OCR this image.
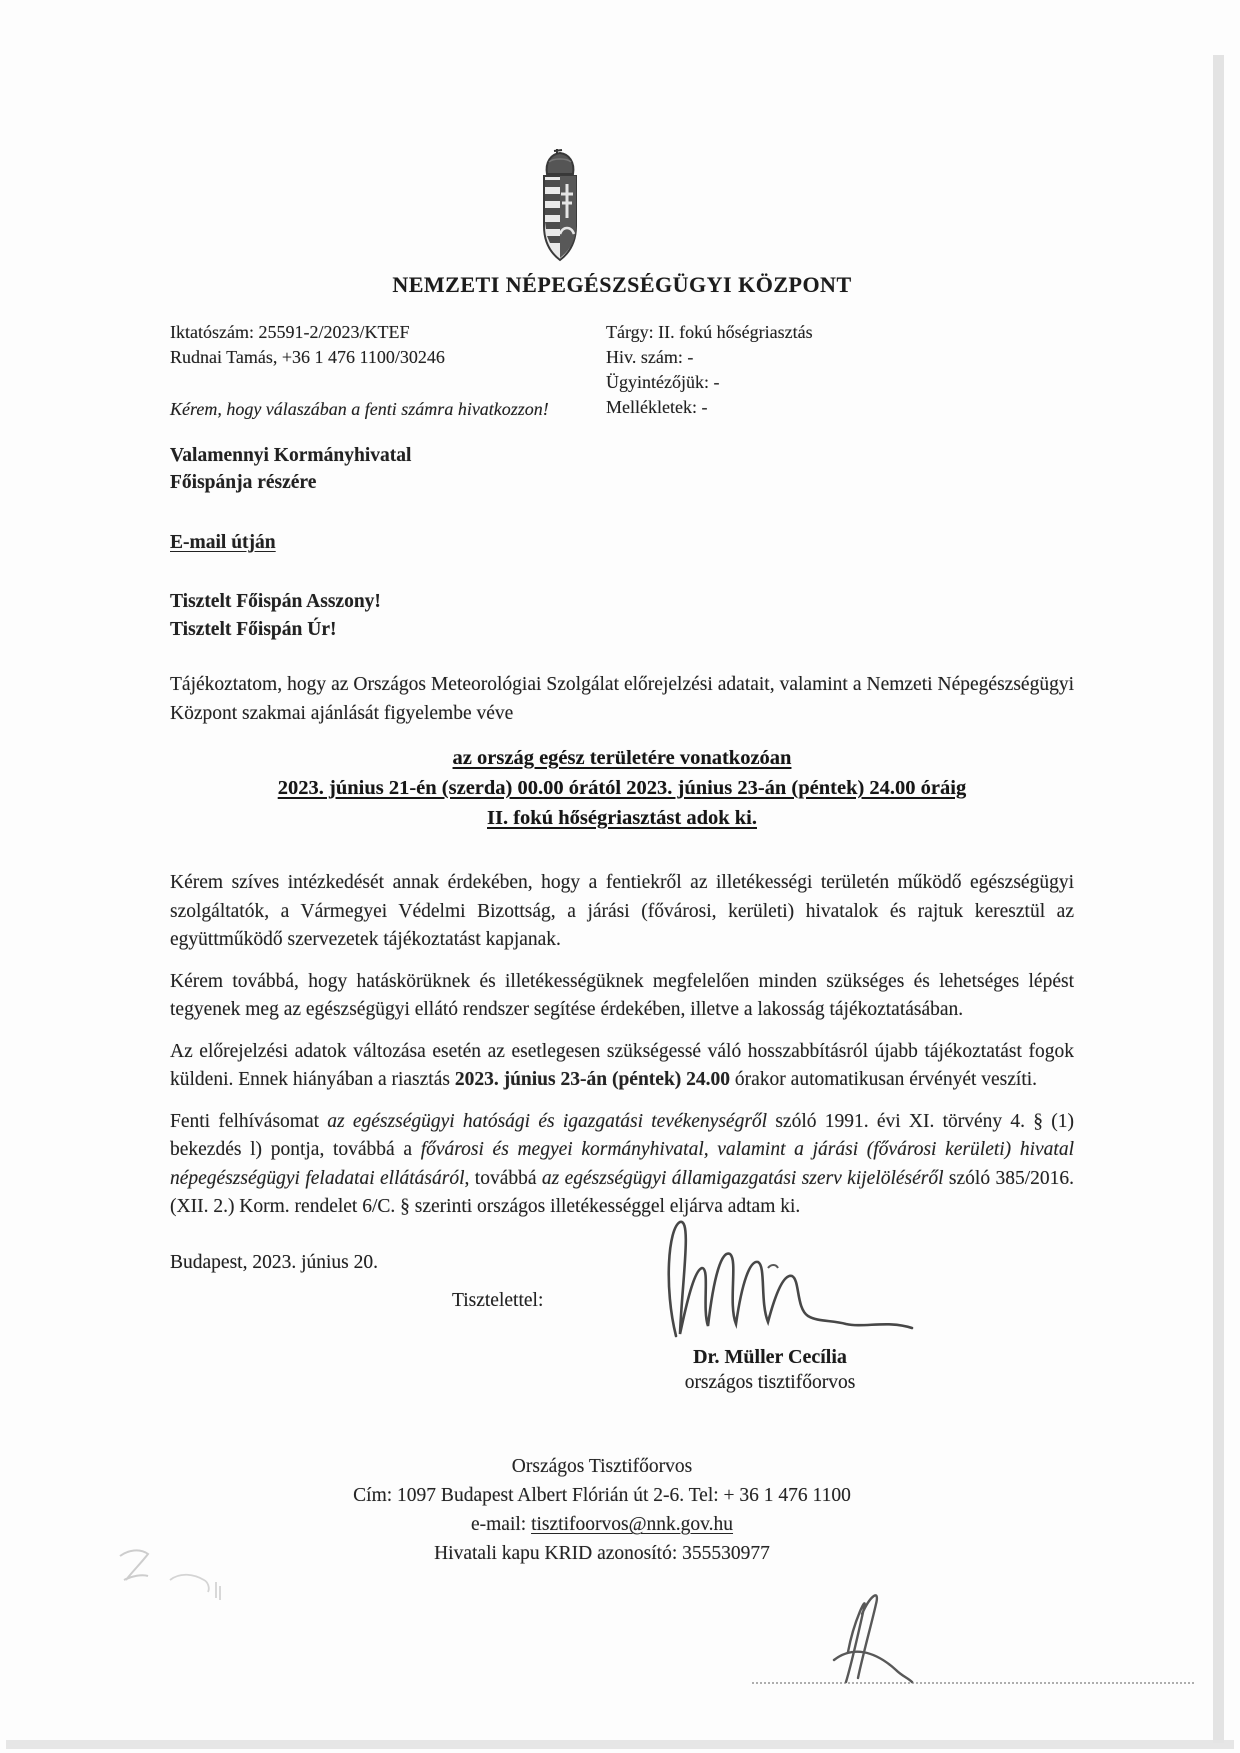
NEMZETI NÉPEGÉSZSÉGÜGYI KÖZPONT
Iktatószám: 25591-2/2023/KTEF
Rudnai Tamás, +36 1 476 1100/30246
Kérem, hogy válaszában a fenti számra hivatkozzon!
Tárgy: II. fokú hőségriasztás
Hiv. szám: -
Ügyintézőjük: -
Mellékletek: -
Valamennyi Kormányhivatal
Főispánja részére
E-mail útján
Tisztelt Főispán Asszony!
Tisztelt Főispán Úr!
Tájékoztatom, hogy az Országos Meteorológiai Szolgálat előrejelzési adatait, valamint a Nemzeti Népegészségügyi Központ szakmai ajánlását figyelembe véve
az ország egész területére vonatkozóan
2023. június 21-én (szerda) 00.00 órától 2023. június 23-án (péntek) 24.00 óráig
II. fokú hőségriasztást adok ki.
Kérem szíves intézkedését annak érdekében, hogy a fentiekről az illetékességi területén működő egészségügyi szolgáltatók, a Vármegyei Védelmi Bizottság, a járási (fővárosi, kerületi) hivatalok és rajtuk keresztül az együttműködő szervezetek tájékoztatást kapjanak.
Kérem továbbá, hogy hatáskörüknek és illetékességüknek megfelelően minden szükséges és lehetséges lépést tegyenek meg az egészségügyi ellátó rendszer segítése érdekében, illetve a lakosság tájékoztatásában.
Az előrejelzési adatok változása esetén az esetlegesen szükségessé váló hosszabbításról újabb tájékoztatást fogok küldeni. Ennek hiányában a riasztás 2023. június 23-án (péntek) 24.00 órakor automatikusan érvényét veszíti.
Fenti felhívásomat az egészségügyi hatósági és igazgatási tevékenységről szóló 1991. évi XI. törvény 4. § (1) bekezdés l) pontja, továbbá a fővárosi és megyei kormányhivatal, valamint a járási (fővárosi kerületi) hivatal népegészségügyi feladatai ellátásáról, továbbá az egészségügyi államigazgatási szerv kijelöléséről szóló 385/2016. (XII. 2.) Korm. rendelet 6/C. § szerinti országos illetékességgel eljárva adtam ki.
Budapest, 2023. június 20.
Tisztelettel:
Dr. Müller Cecília
országos tisztifőorvos
Országos Tisztifőorvos
Cím: 1097 Budapest Albert Flórián út 2-6. Tel: + 36 1 476 1100
e-mail: tisztifoorvos@nnk.gov.hu
Hivatali kapu KRID azonosító: 355530977
